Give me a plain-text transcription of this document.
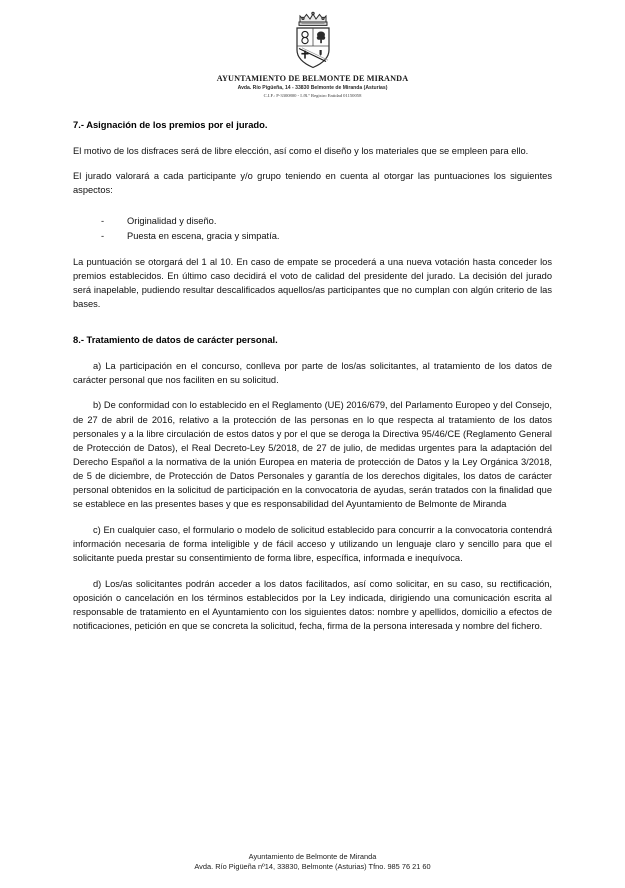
AYUNTAMIENTO DE BELMONTE DE MIRANDA
Avda. Río Pigüeña, 14 - 33830 Belmonte de Miranda (Asturias)
C.I.F.: P-3300800 - I./R.º Registro Entidad 01150058
7.- Asignación de los premios por el jurado.

El motivo de los disfraces será de libre elección, así como el diseño y los materiales que se empleen para ello.

El jurado valorará a cada participante y/o grupo teniendo en cuenta al otorgar las puntuaciones los siguientes aspectos:

- Originalidad y diseño.
- Puesta en escena, gracia y simpatía.

La puntuación se otorgará del 1 al 10. En caso de empate se procederá a una nueva votación hasta conceder los premios establecidos. En último caso decidirá el voto de calidad del presidente del jurado. La decisión del jurado será inapelable, pudiendo resultar descalificados aquellos/as participantes que no cumplan con algún criterio de las bases.

8.- Tratamiento de datos de carácter personal.

a) La participación en el concurso, conlleva por parte de los/as solicitantes, al tratamiento de los datos de carácter personal que nos faciliten en su solicitud.

b) De conformidad con lo establecido en el Reglamento (UE) 2016/679, del Parlamento Europeo y del Consejo, de 27 de abril de 2016, relativo a la protección de las personas en lo que respecta al tratamiento de los datos personales y a la libre circulación de estos datos y por el que se deroga la Directiva 95/46/CE (Reglamento General de Protección de Datos), el Real Decreto-Ley 5/2018, de 27 de julio, de medidas urgentes para la adaptación del Derecho Español a la normativa de la unión Europea en materia de protección de Datos y la Ley Orgánica 3/2018, de 5 de diciembre, de Protección de Datos Personales y garantía de los derechos digitales, los datos de carácter personal obtenidos en la solicitud de participación en la convocatoria de ayudas, serán tratados con la finalidad que se establece en las presentes bases y que es responsabilidad del Ayuntamiento de Belmonte de Miranda

c) En cualquier caso, el formulario o modelo de solicitud establecido para concurrir a la convocatoria contendrá información necesaria de forma inteligible y de fácil acceso y utilizando un lenguaje claro y sencillo para que el solicitante pueda prestar su consentimiento de forma libre, específica, informada e inequívoca.

d) Los/as solicitantes podrán acceder a los datos facilitados, así como solicitar, en su caso, su rectificación, oposición o cancelación en los términos establecidos por la Ley indicada, dirigiendo una comunicación escrita al responsable de tratamiento en el Ayuntamiento con los siguientes datos: nombre y apellidos, domicilio a efectos de notificaciones, petición en que se concreta la solicitud, fecha, firma de la persona interesada y nombre del fichero.

Ayuntamiento de Belmonte de Miranda
Avda. Río Pigüeña nº14, 33830, Belmonte (Asturias) Tfno. 985 76 21 60
